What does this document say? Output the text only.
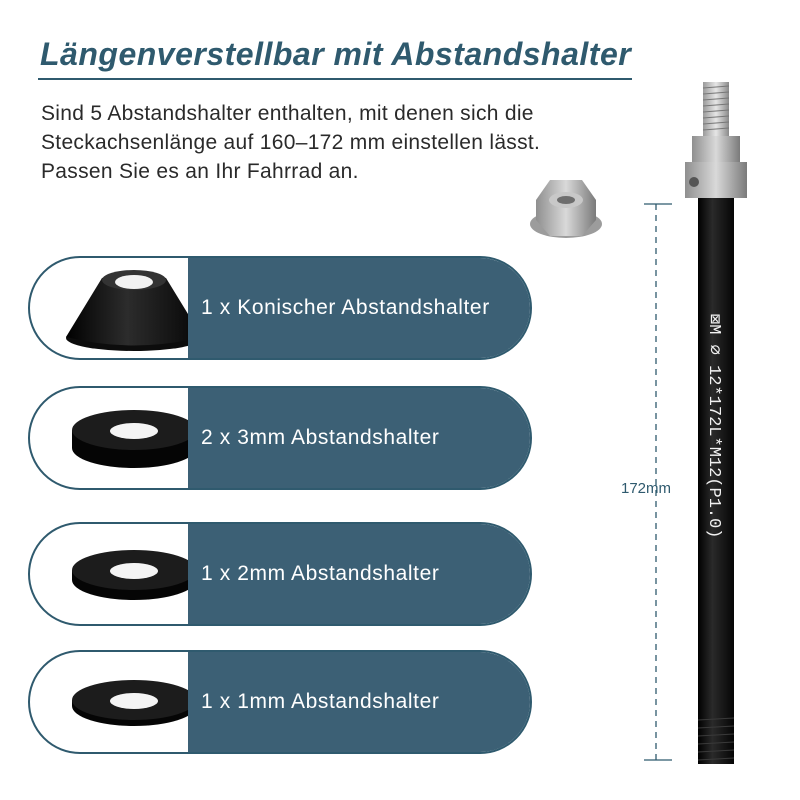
Längenverstellbar mit Abstandshalter
Sind 5 Abstandshalter enthalten, mit denen sich die
Steckachsenlänge auf 160–172 mm einstellen lässt.
Passen Sie es an Ihr Fahrrad an.
1 x Konischer Abstandshalter
2 x 3mm Abstandshalter
1 x 2mm Abstandshalter
1 x 1mm Abstandshalter
⊠M ∅ 12*172L*M12(P1.0)
172mm
